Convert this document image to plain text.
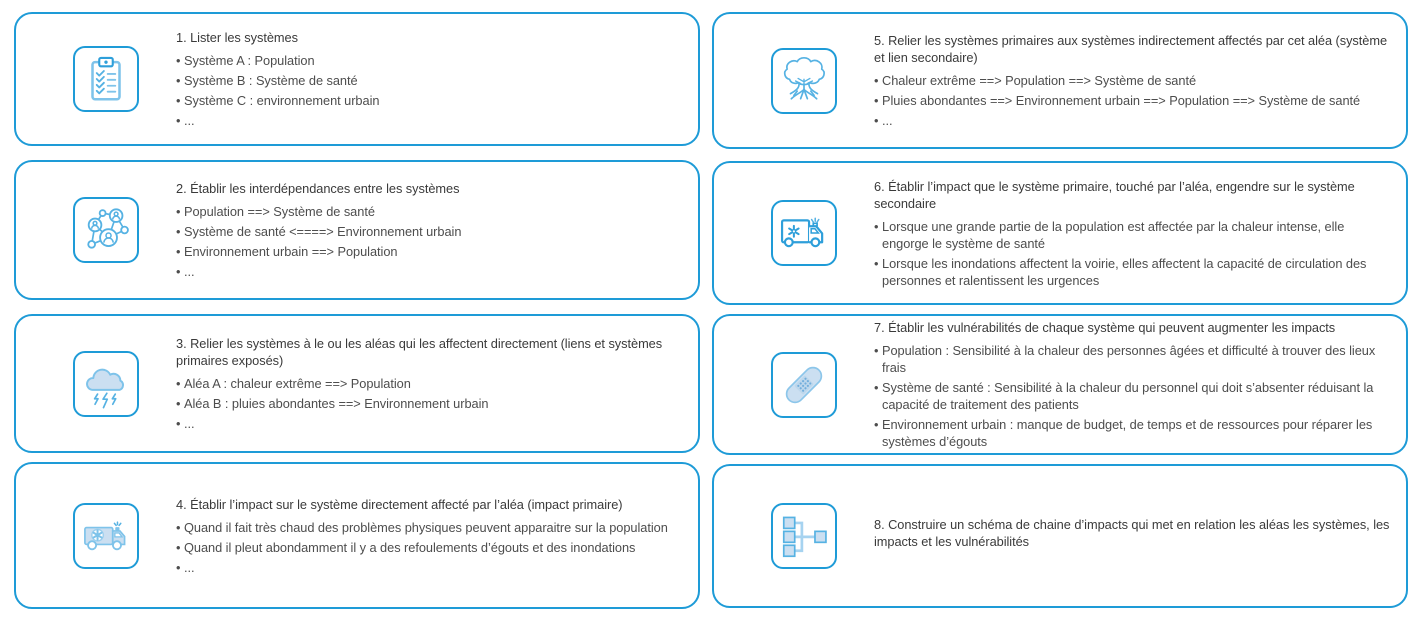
1. Lister les systèmes
• Système A : Population
• Système B : Système de santé
• Système C : environnement urbain
• ...
2. Établir les interdépendances entre les systèmes
• Population ==> Système de santé
• Système de santé <====> Environnement urbain
• Environnement urbain ==> Population
• ...
3. Relier les systèmes à le ou les aléas qui les affectent directement (liens et systèmes primaires exposés)
• Aléa A : chaleur extrême ==> Population
• Aléa B : pluies abondantes ==> Environnement urbain
• ...
4. Établir l’impact sur le système directement affecté par l’aléa (impact primaire)
• Quand il fait très chaud des problèmes physiques peuvent apparaitre sur la population
• Quand il pleut abondamment il y a des refoulements d’égouts et des inondations
• ...
5. Relier les systèmes primaires aux systèmes indirectement affectés par cet aléa (système et lien secondaire)
• Chaleur extrême ==> Population ==> Système de santé
• Pluies abondantes ==> Environnement urbain ==> Population ==> Système de santé
• ...
6. Établir l’impact que le système primaire, touché par l’aléa, engendre sur le système secondaire
• Lorsque une grande partie de la population est affectée par la chaleur intense, elle engorge le système de santé
• Lorsque les inondations affectent la voirie, elles affectent la capacité de circulation des personnes et ralentissent les urgences
7. Établir les vulnérabilités de chaque système qui peuvent augmenter les impacts
• Population : Sensibilité à la chaleur des personnes âgées et difficulté à trouver des lieux frais
• Système de santé : Sensibilité à la chaleur du personnel qui doit s’absenter réduisant la capacité de traitement des patients
• Environnement urbain : manque de budget, de temps et de ressources pour réparer les systèmes d’égouts
8. Construire un schéma de chaine d’impacts qui met en relation les aléas les systèmes, les impacts et les vulnérabilités
